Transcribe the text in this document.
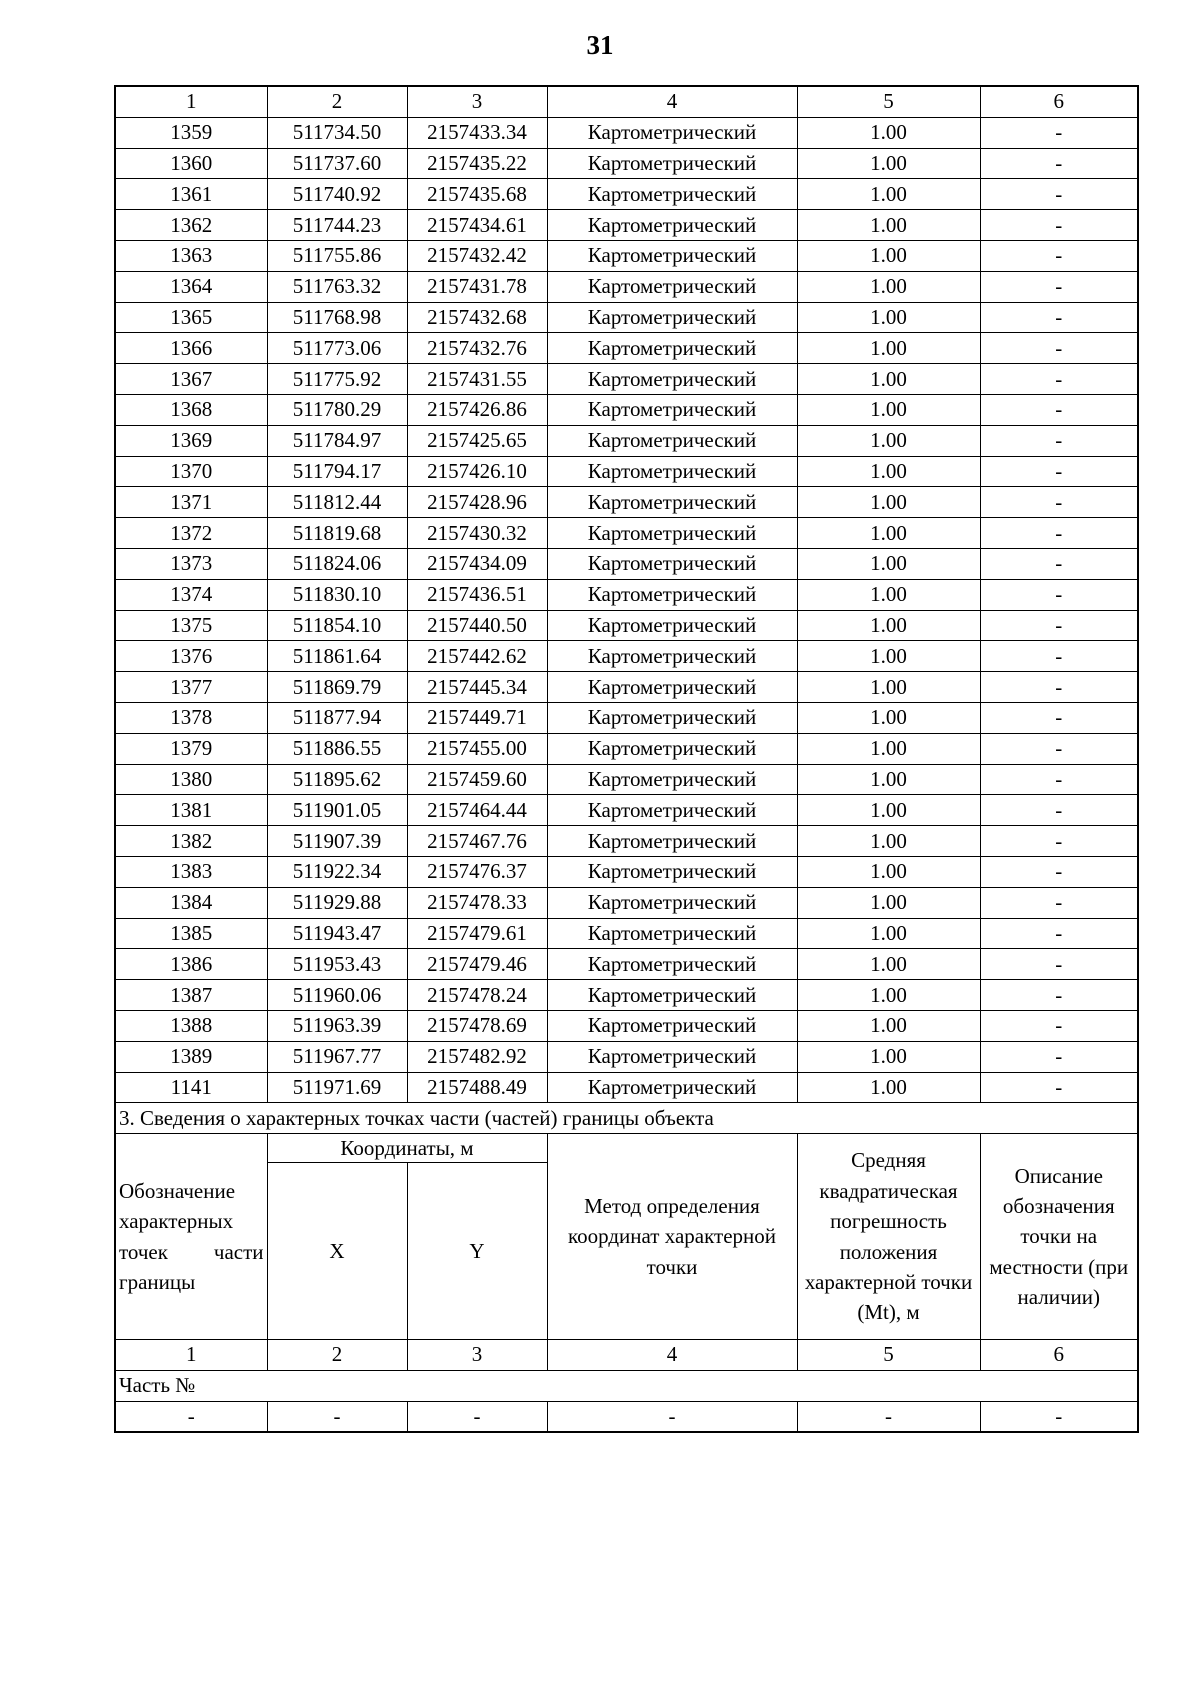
31
1	2	3	4	5	6
1359	511734.50	2157433.34	Картометрический	1.00	-
1360	511737.60	2157435.22	Картометрический	1.00	-
1361	511740.92	2157435.68	Картометрический	1.00	-
1362	511744.23	2157434.61	Картометрический	1.00	-
1363	511755.86	2157432.42	Картометрический	1.00	-
1364	511763.32	2157431.78	Картометрический	1.00	-
1365	511768.98	2157432.68	Картометрический	1.00	-
1366	511773.06	2157432.76	Картометрический	1.00	-
1367	511775.92	2157431.55	Картометрический	1.00	-
1368	511780.29	2157426.86	Картометрический	1.00	-
1369	511784.97	2157425.65	Картометрический	1.00	-
1370	511794.17	2157426.10	Картометрический	1.00	-
1371	511812.44	2157428.96	Картометрический	1.00	-
1372	511819.68	2157430.32	Картометрический	1.00	-
1373	511824.06	2157434.09	Картометрический	1.00	-
1374	511830.10	2157436.51	Картометрический	1.00	-
1375	511854.10	2157440.50	Картометрический	1.00	-
1376	511861.64	2157442.62	Картометрический	1.00	-
1377	511869.79	2157445.34	Картометрический	1.00	-
1378	511877.94	2157449.71	Картометрический	1.00	-
1379	511886.55	2157455.00	Картометрический	1.00	-
1380	511895.62	2157459.60	Картометрический	1.00	-
1381	511901.05	2157464.44	Картометрический	1.00	-
1382	511907.39	2157467.76	Картометрический	1.00	-
1383	511922.34	2157476.37	Картометрический	1.00	-
1384	511929.88	2157478.33	Картометрический	1.00	-
1385	511943.47	2157479.61	Картометрический	1.00	-
1386	511953.43	2157479.46	Картометрический	1.00	-
1387	511960.06	2157478.24	Картометрический	1.00	-
1388	511963.39	2157478.69	Картометрический	1.00	-
1389	511967.77	2157482.92	Картометрический	1.00	-
1141	511971.69	2157488.49	Картометрический	1.00	-
3. Сведения о характерных точках части (частей) границы объекта					
Обозначение характерных точек части границы	Координаты, м		Метод определения координат характерной точки	Средняя квадратическая погрешность положения характерной точки (Mt), м	Описание обозначения точки на местности (при наличии)
	X	Y			
1	2	3	4	5	6
Часть №					
-	-	-	-	-	-
